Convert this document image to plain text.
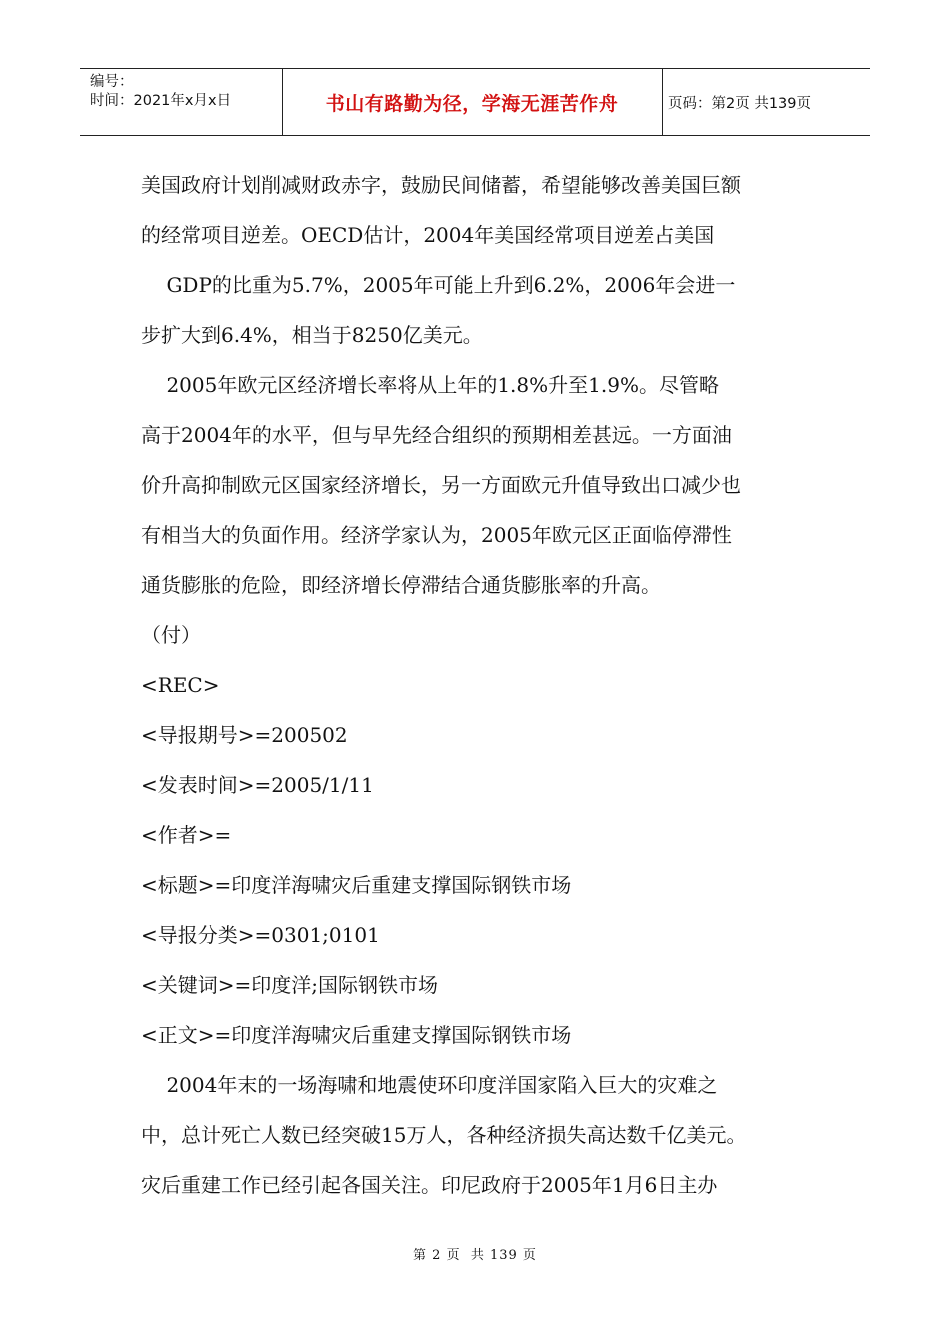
编号：
时间：2021年x月x日	书山有路勤为径，学海无涯苦作舟	页码：第2页 共139页

美国政府计划削减财政赤字，鼓励民间储蓄，希望能够改善美国巨额

的经常项目逆差。OECD估计，2004年美国经常项目逆差占美国

GDP的比重为5.7%，2005年可能上升到6.2%，2006年会进一

步扩大到6.4%，相当于8250亿美元。

2005年欧元区经济增长率将从上年的1.8%升至1.9%。尽管略

高于2004年的水平，但与早先经合组织的预期相差甚远。一方面油

价升高抑制欧元区国家经济增长，另一方面欧元升值导致出口减少也

有相当大的负面作用。经济学家认为，2005年欧元区正面临停滞性

通货膨胀的危险，即经济增长停滞结合通货膨胀率的升高。

（付）

<REC>

<导报期号>=200502

<发表时间>=2005/1/11

<作者>=

<标题>=印度洋海啸灾后重建支撑国际钢铁市场

<导报分类>=0301;0101

<关键词>=印度洋;国际钢铁市场

<正文>=印度洋海啸灾后重建支撑国际钢铁市场

2004年末的一场海啸和地震使环印度洋国家陷入巨大的灾难之

中，总计死亡人数已经突破15万人，各种经济损失高达数千亿美元。

灾后重建工作已经引起各国关注。印尼政府于2005年1月6日主办

第 2 页  共 139 页
